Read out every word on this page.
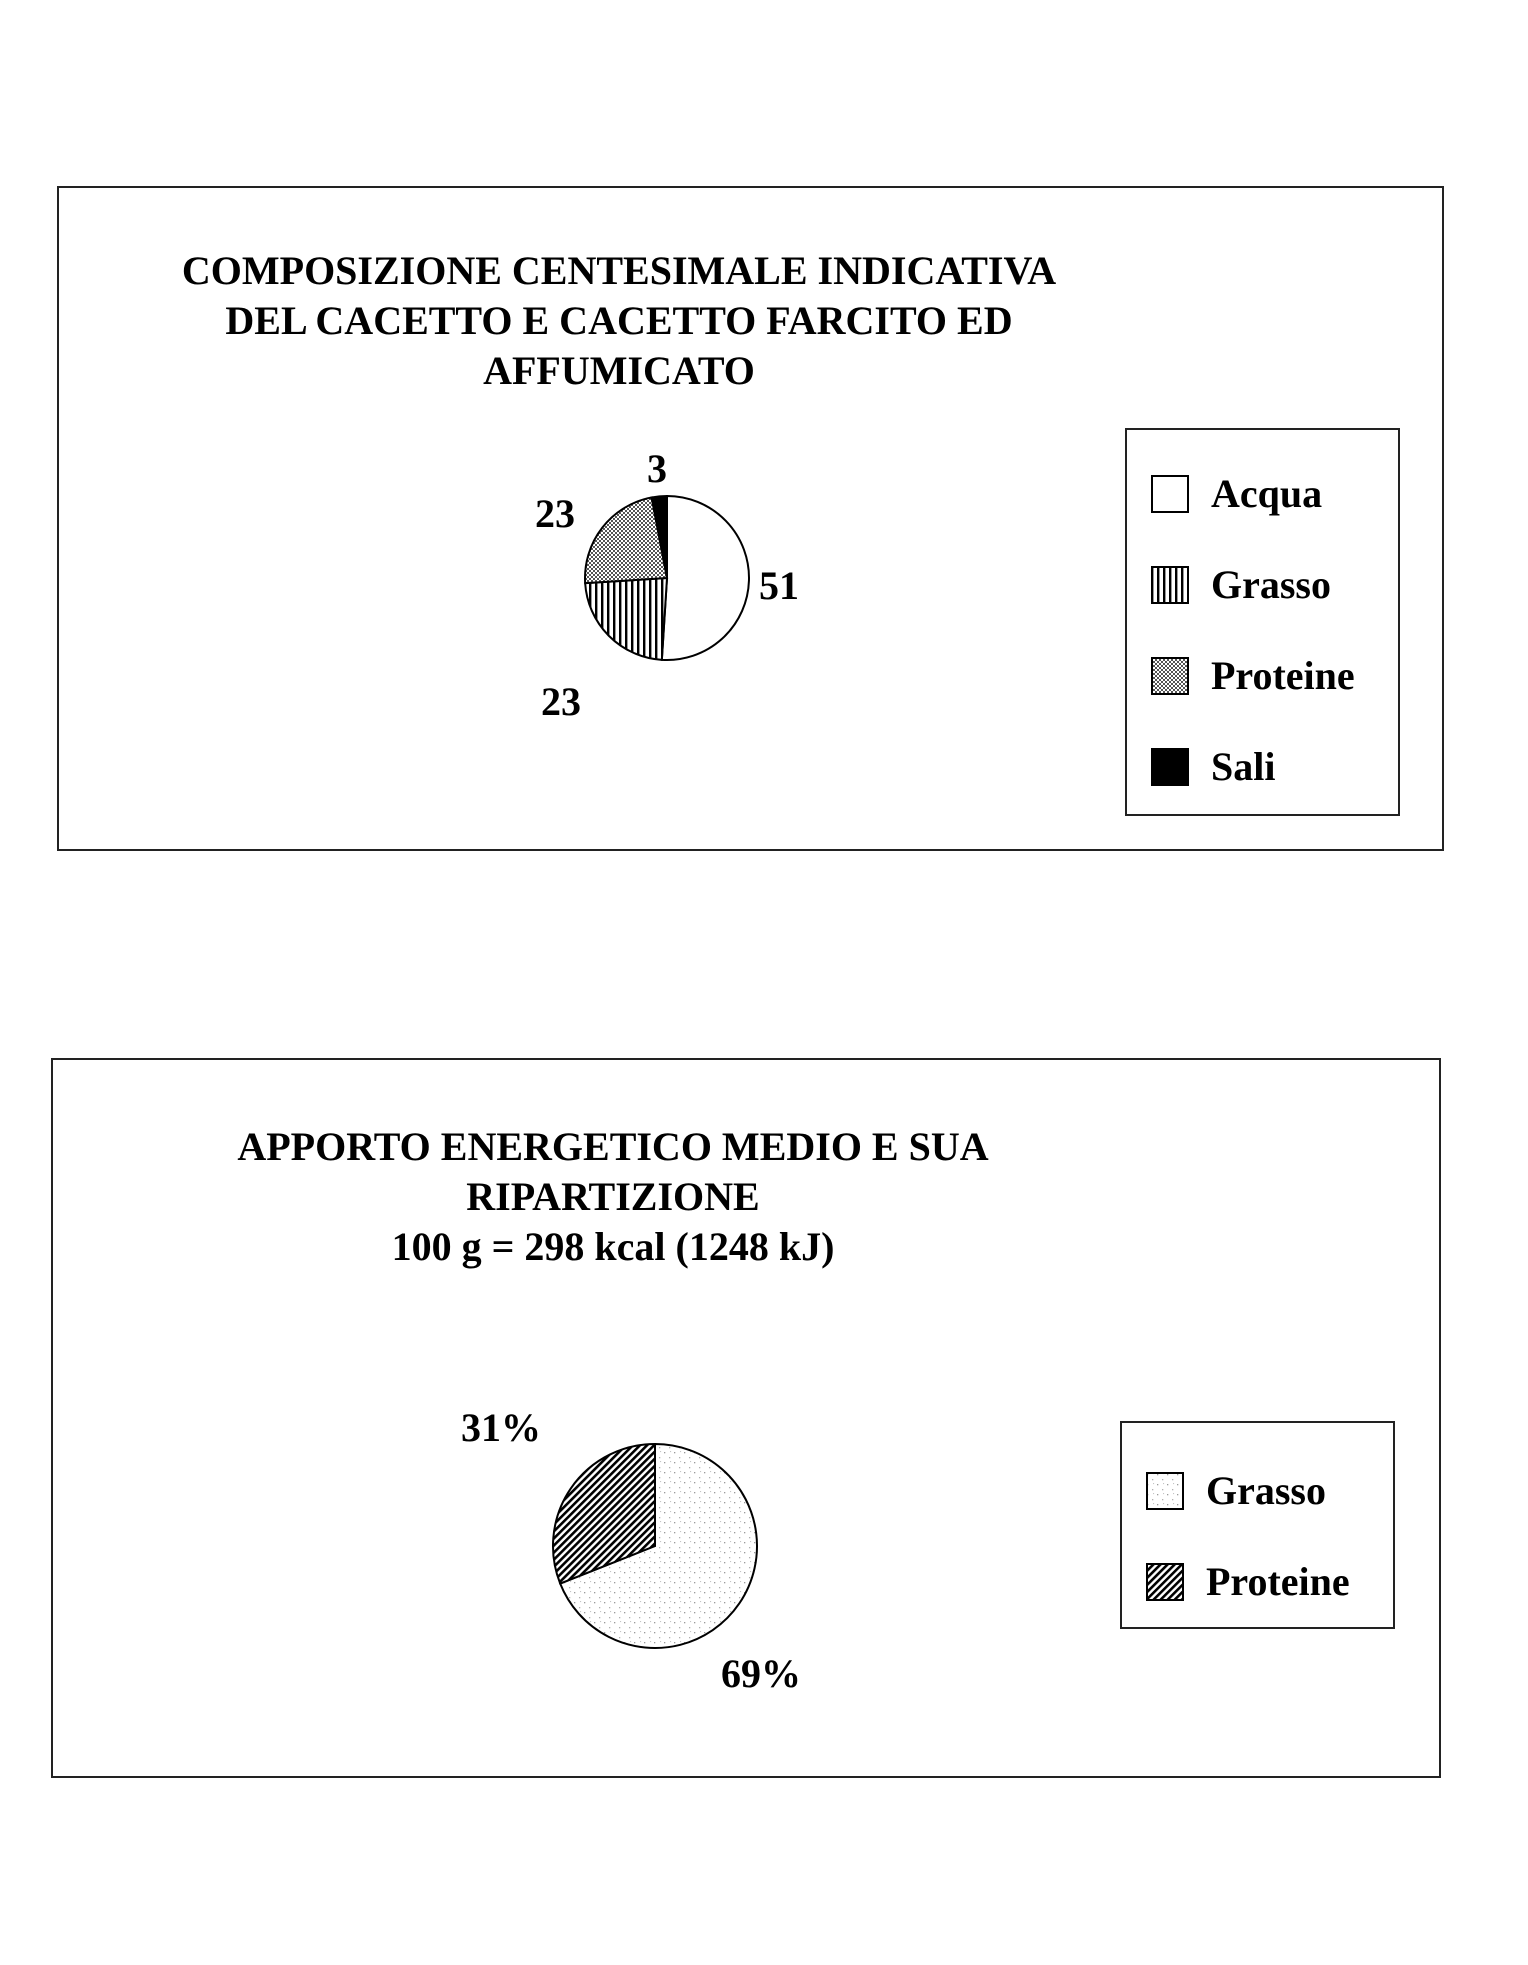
COMPOSIZIONE CENTESIMALE INDICATIVA
DEL CACETTO E CACETTO FARCITO ED
AFFUMICATO
51
23
23
3
Acqua
Grasso
Proteine
Sali
APPORTO ENERGETICO MEDIO E SUA
RIPARTIZIONE
100 g = 298 kcal (1248 kJ)
69%
31%
Grasso
Proteine
